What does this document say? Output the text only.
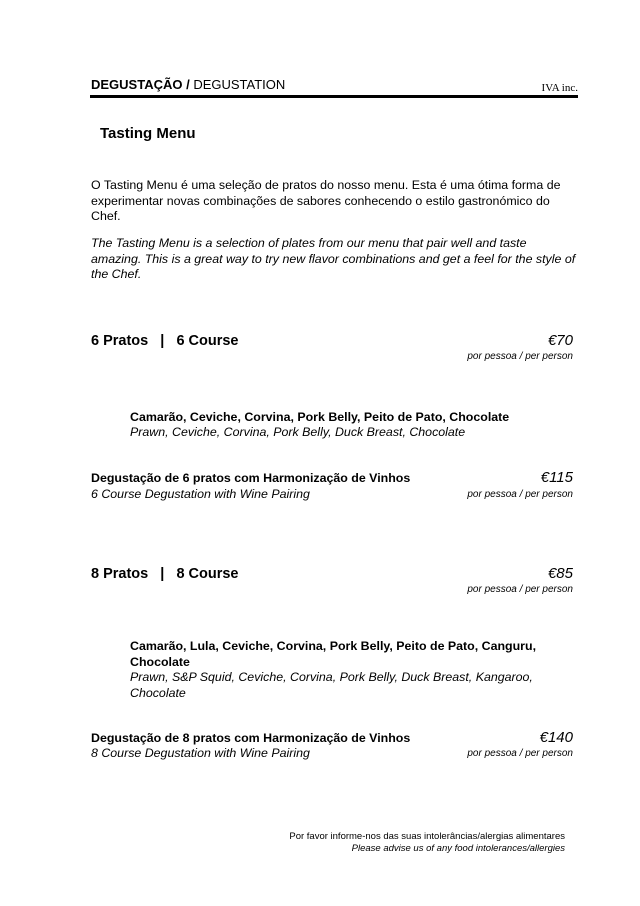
DEGUSTAÇÃO / DEGUSTATION	IVA inc.
Tasting Menu
O Tasting Menu é uma seleção de pratos do nosso menu. Esta é uma ótima forma de experimentar novas combinações de sabores conhecendo o estilo gastronómico do Chef.
The Tasting Menu is a selection of plates from our menu that pair well and taste amazing. This is a great way to try new flavor combinations and get a feel for the style of the Chef.
6 Pratos   |   6 Course	€70
por pessoa / per person
Camarão, Ceviche, Corvina, Pork Belly, Peito de Pato, Chocolate
Prawn, Ceviche, Corvina, Pork Belly, Duck Breast, Chocolate
Degustação de 6 pratos com Harmonização de Vinhos
6 Course Degustation with Wine Pairing
€115
por pessoa / per person
8 Pratos   |   8 Course	€85
por pessoa / per person
Camarão, Lula, Ceviche, Corvina, Pork Belly, Peito de Pato, Canguru, Chocolate
Prawn, S&P Squid, Ceviche, Corvina, Pork Belly, Duck Breast, Kangaroo, Chocolate
Degustação de 8 pratos com Harmonização de Vinhos
8 Course Degustation with Wine Pairing
€140
por pessoa / per person
Por favor informe-nos das suas intolerâncias/alergias alimentares
Please advise us of any food intolerances/allergies
